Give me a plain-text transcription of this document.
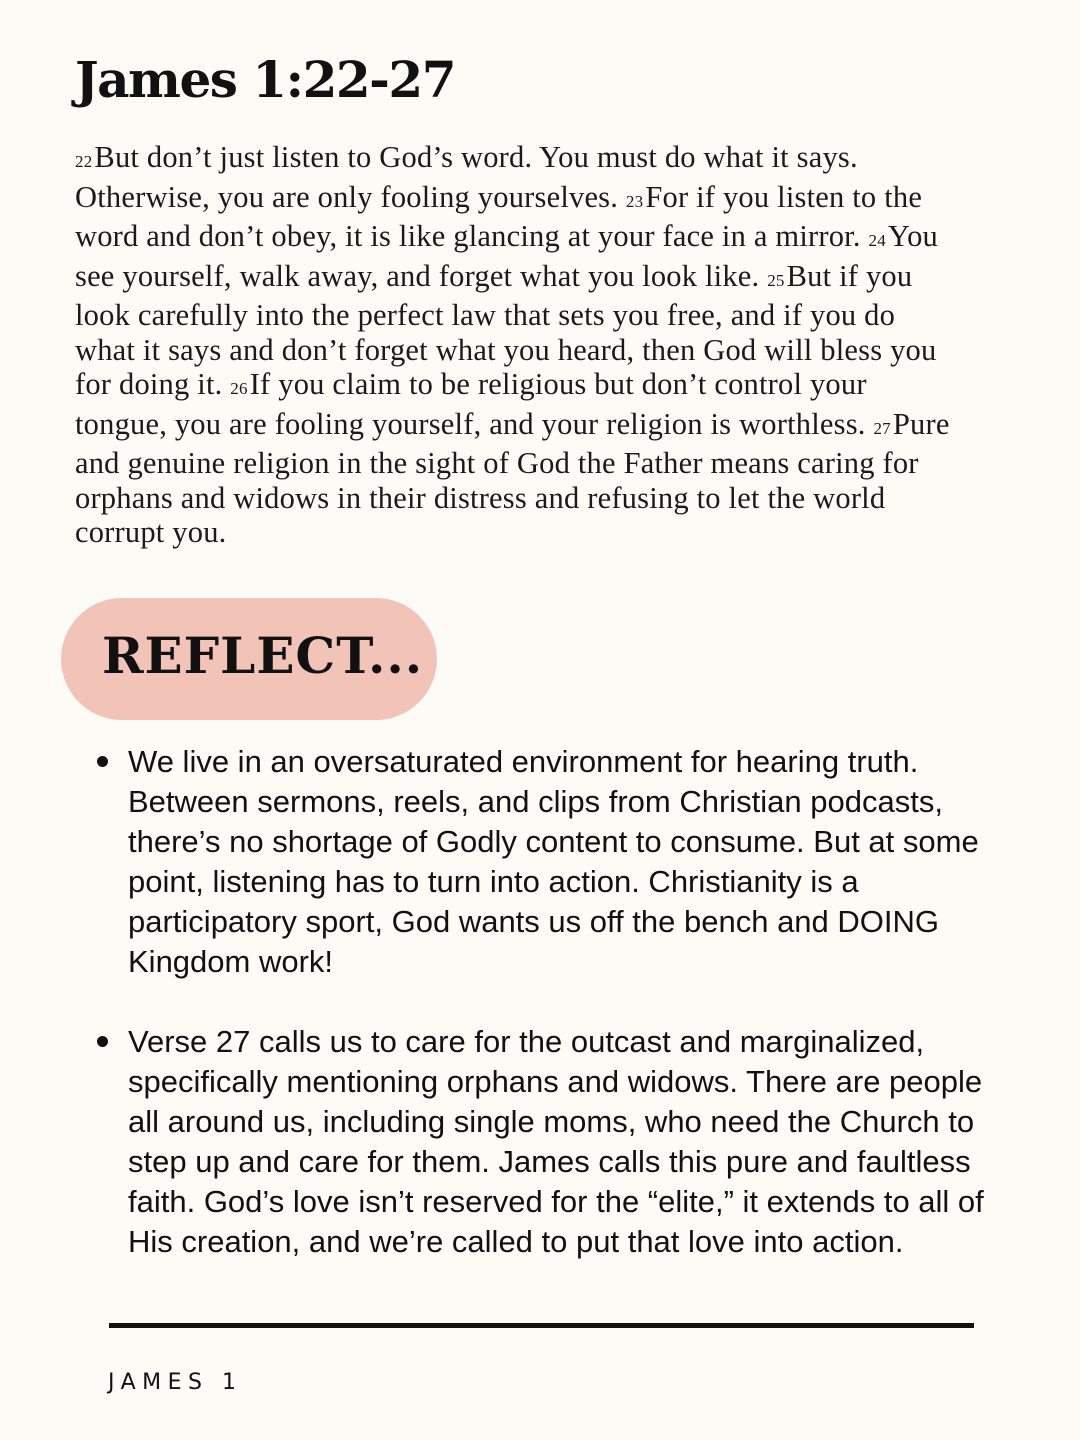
James 1:22-27

22But don’t just listen to God’s word. You must do what it says. Otherwise, you are only fooling yourselves. 23For if you listen to the word and don’t obey, it is like glancing at your face in a mirror. 24You see yourself, walk away, and forget what you look like. 25But if you look carefully into the perfect law that sets you free, and if you do what it says and don’t forget what you heard, then God will bless you for doing it. 26If you claim to be religious but don’t control your tongue, you are fooling yourself, and your religion is worthless. 27Pure and genuine religion in the sight of God the Father means caring for orphans and widows in their distress and refusing to let the world corrupt you.

REFLECT...
We live in an oversaturated environment for hearing truth. Between sermons, reels, and clips from Christian podcasts, there’s no shortage of Godly content to consume. But at some point, listening has to turn into action. Christianity is a participatory sport, God wants us off the bench and DOING Kingdom work!
Verse 27 calls us to care for the outcast and marginalized, specifically mentioning orphans and widows. There are people all around us, including single moms, who need the Church to step up and care for them. James calls this pure and faultless faith. God’s love isn’t reserved for the “elite,” it extends to all of His creation, and we’re called to put that love into action.

JAMES 1
